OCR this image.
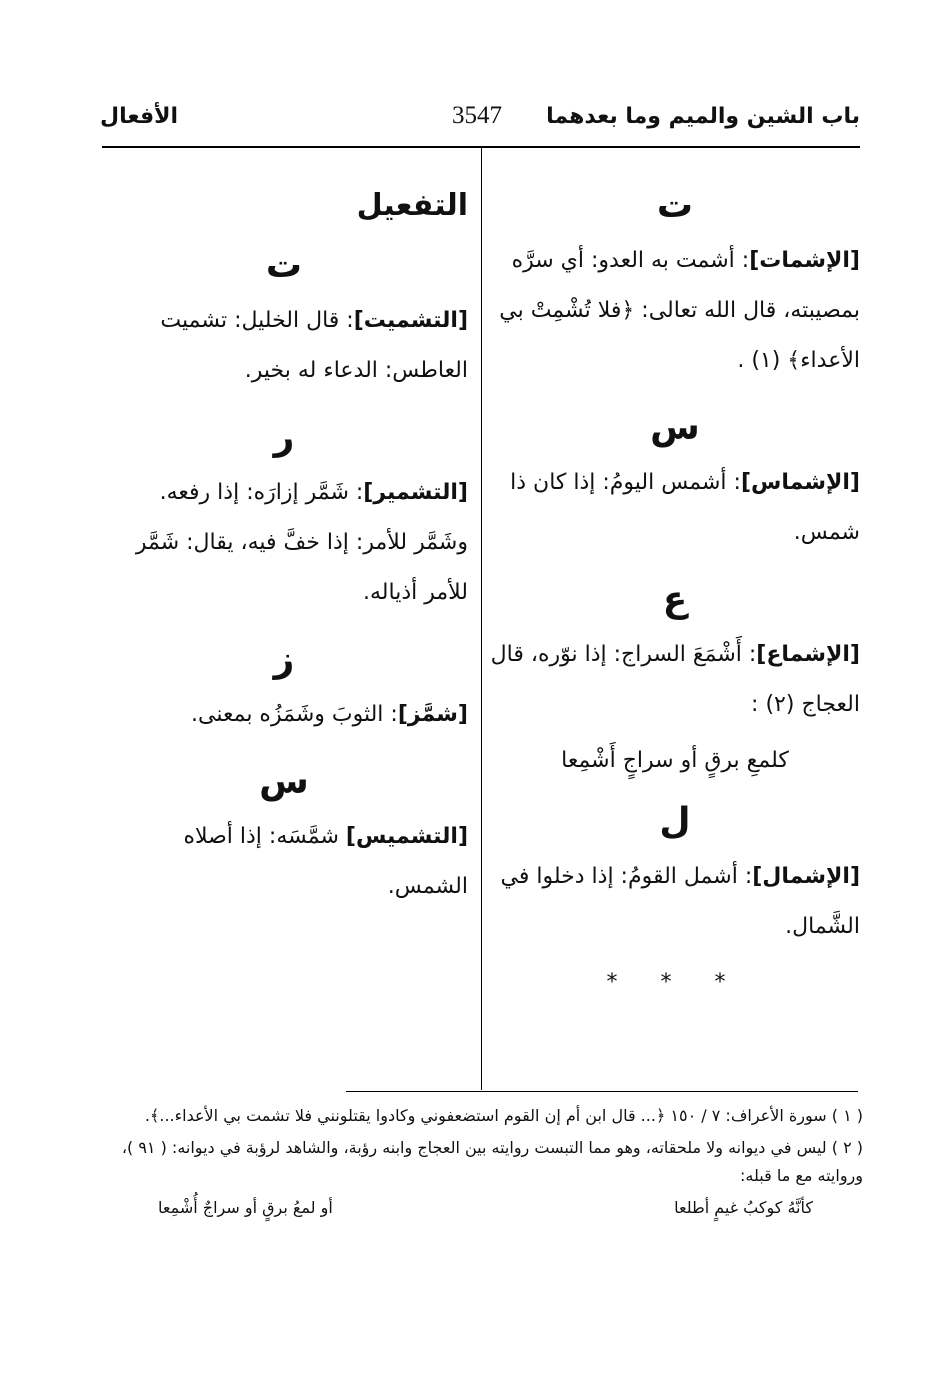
باب الشين والميم وما بعدهما
3547
الأفعال
ت

[الإشمات]: أشمت به العدو: أي سرَّه بمصيبته، قال الله تعالى: ﴿فلا تُشْمِتْ بي الأعداء﴾ (١) .

س

[الإشماس]: أشمس اليومُ: إذا كان ذا شمس.

ع

[الإشماع]: أَشْمَعَ السراج: إذا نوّره، قال العجاج (٢) :

كلمعِ برقٍ أو سراجٍ أَشْمِعا
ل

[الإشمال]: أشمل القومُ: إذا دخلوا في الشَّمال.

* * *
التفعيل
ت

[التشميت]: قال الخليل: تشميت العاطس: الدعاء له بخير.

ر

[التشمير]: شَمَّر إزارَه: إذا رفعه.

وشَمَّر للأمر: إذا خفَّ فيه، يقال: شَمَّر للأمر أذياله.

ز

[شمَّز]: الثوبَ وشَمَزُه بمعنى.

س

[التشميس] شمَّسَه: إذا أصلاه الشمس.

( ١ ) سورة الأعراف: ٧ / ١٥٠ ﴿... قال ابن أم إن القوم استضعفوني وكادوا يقتلونني فلا تشمت بي الأعداء...﴾.

( ٢ ) ليس في ديوانه ولا ملحقاته، وهو مما التبست روايته بين العجاج وابنه رؤبة، والشاهد لرؤبة في ديوانه: ( ٩١ )، وروايته مع ما قبله:

كأنَّهُ كوكبُ غيمٍ أطلعا
أو لمعُ برقٍ أو سراجٌ أُشْمِعا
